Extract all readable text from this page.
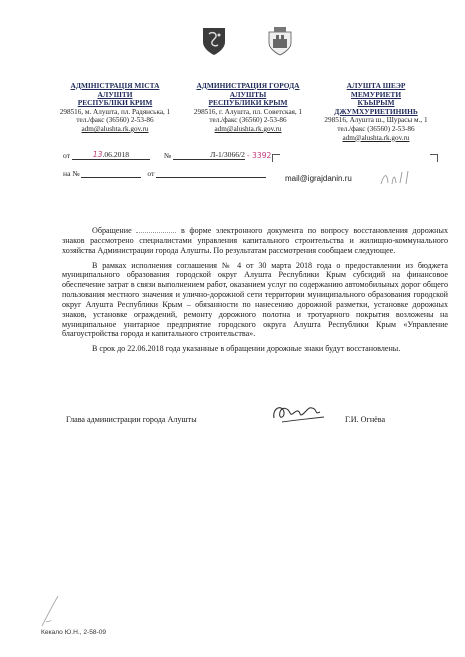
АДМІНІСТРАЦІЯ МІСТА
АЛУШТИ
РЕСПУБЛІКИ КРИМ
298516, м. Алушта, пл. Радянська, 1
тел./факс (36560) 2-53-86
adm@alushta.rk.gov.ru
АДМИНИСТРАЦИЯ ГОРОДА
АЛУШТЫ
РЕСПУБЛИКИ КРЫМ
298516, г. Алушта, пл. Советская, 1
тел./факс (36560) 2-53-86
adm@alushta.rk.gov.ru
АЛУШТА ШЕЭР
МЕМУРИЕТИ
КЪЫРЫМ ДЖУМХУРИЕТИНИНЬ
298516, Алушта ш., Шурасы м., 1
тел./факс (36560) 2-53-86
adm@alushta.rk.gov.ru
от	13.06.2018	№	Л-1/3066/2 - 3392
на №	от
mail@igrajdanin.ru

Обращение	в форме электронного документа по вопросу восстановления дорожных знаков рассмотрено специалистами управления капитального строительства и жилищно-коммунального хозяйства Администрации города Алушты. По результатам рассмотрения сообщаем следующее.

В рамках исполнения соглашения № 4 от 30 марта 2018 года о предоставлении из бюджета муниципального образования городской округ Алушта Республики Крым субсидий на финансовое обеспечение затрат в связи выполнением работ, оказанием услуг по содержанию автомобильных дорог общего пользования местного значения и улично-дорожной сети территории муниципального образования городской округ Алушта Республики Крым – обязанности по нанесению дорожной разметки, установке дорожных знаков, установке ограждений, ремонту дорожного полотна и тротуарного покрытия возложены на муниципальное унитарное предприятие городского округа Алушта Республики Крым «Управление благоустройства города и капитального строительства».

В срок до 22.06.2018 года указанные в обращении дорожные знаки будут восстановлены.

Глава администрации города Алушты	Г.И. Огнёва
Кекало Ю.Н., 2-58-09
